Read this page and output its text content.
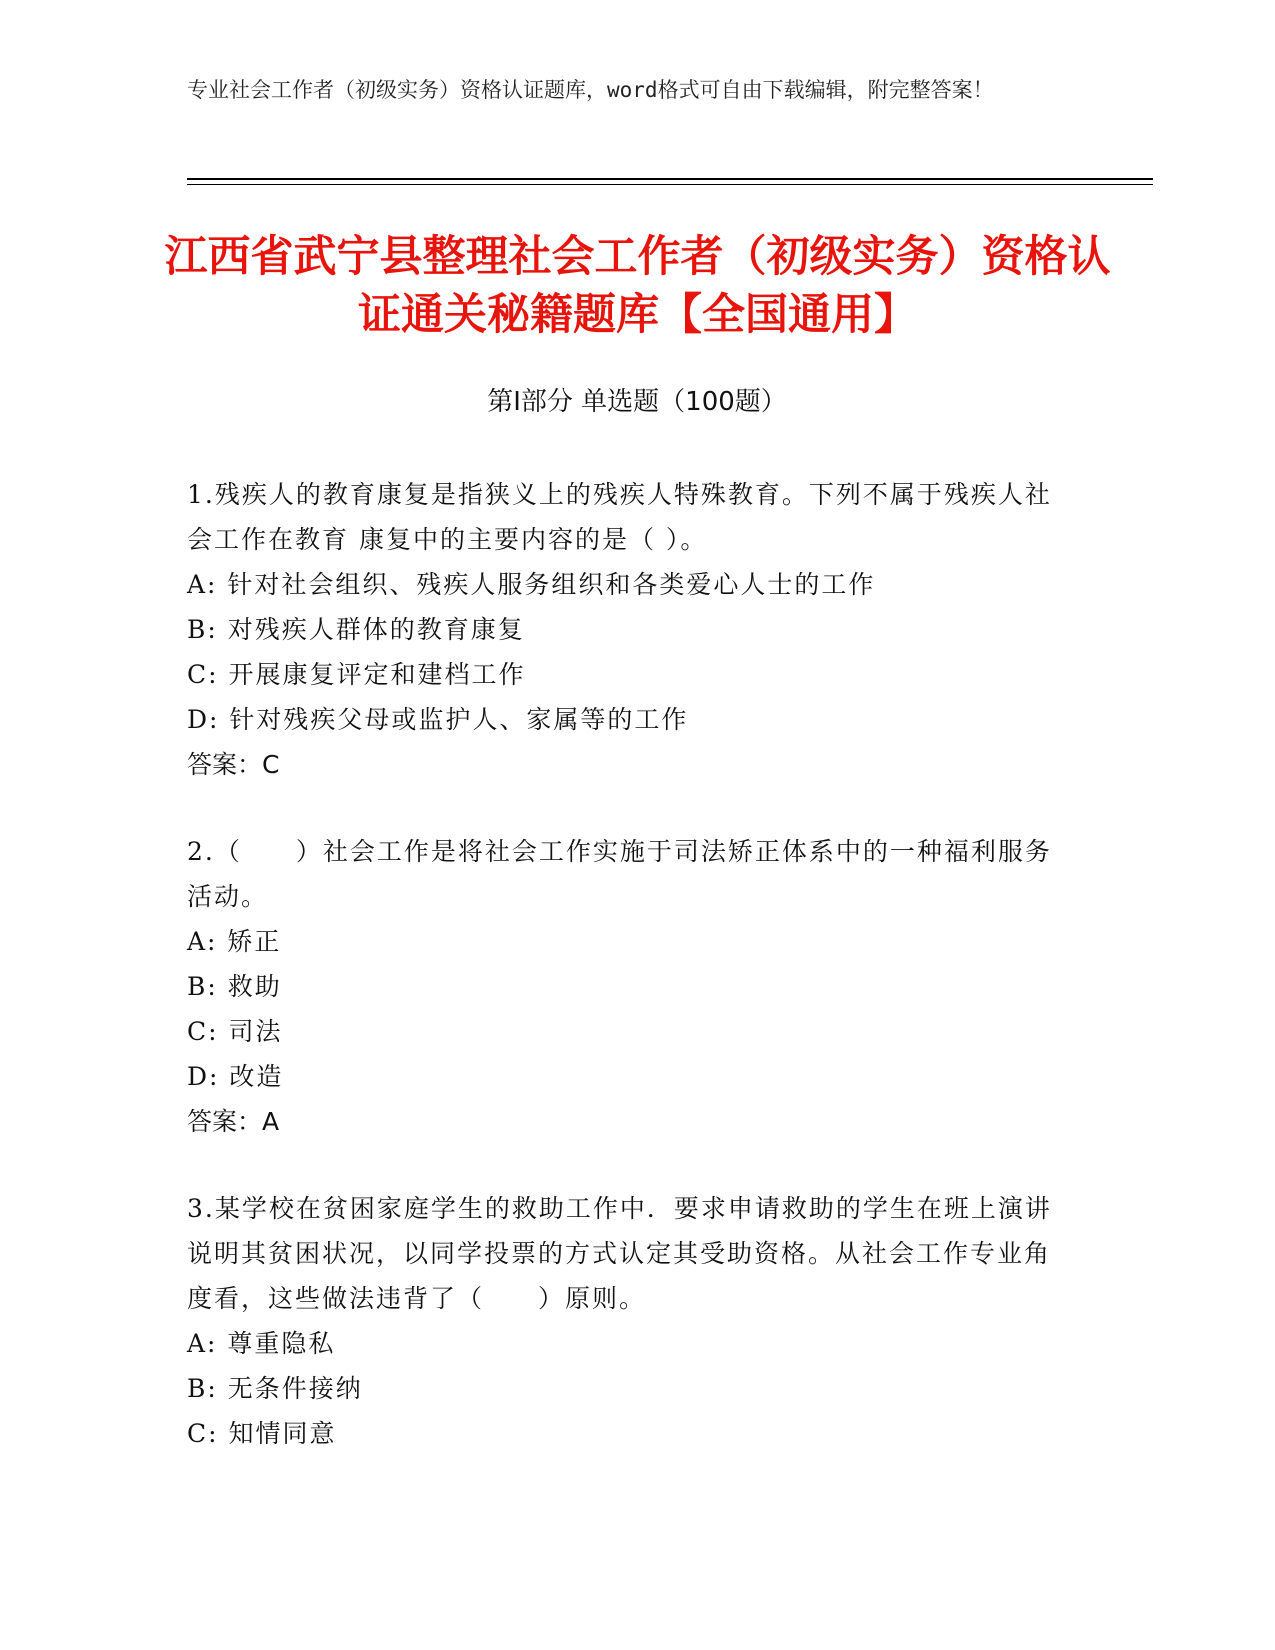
专业社会工作者（初级实务）资格认证题库，word格式可自由下载编辑，附完整答案！
江西省武宁县整理社会工作者（初级实务）资格认证通关秘籍题库【全国通用】
第Ⅰ部分 单选题（100题）
1.残疾人的教育康复是指狭义上的残疾人特殊教育。下列不属于残疾人社会工作在教育 康复中的主要内容的是（ ）。
A: 针对社会组织、残疾人服务组织和各类爱心人士的工作
B: 对残疾人群体的教育康复
C: 开展康复评定和建档工作
D: 针对残疾父母或监护人、家属等的工作
答案：C
2.（　　）社会工作是将社会工作实施于司法矫正体系中的一种福利服务活动。
A: 矫正
B: 救助
C: 司法
D: 改造
答案：A
3.某学校在贫困家庭学生的救助工作中．要求申请救助的学生在班上演讲说明其贫困状况，以同学投票的方式认定其受助资格。从社会工作专业角度看，这些做法违背了（　　）原则。
A: 尊重隐私
B: 无条件接纳
C: 知情同意
